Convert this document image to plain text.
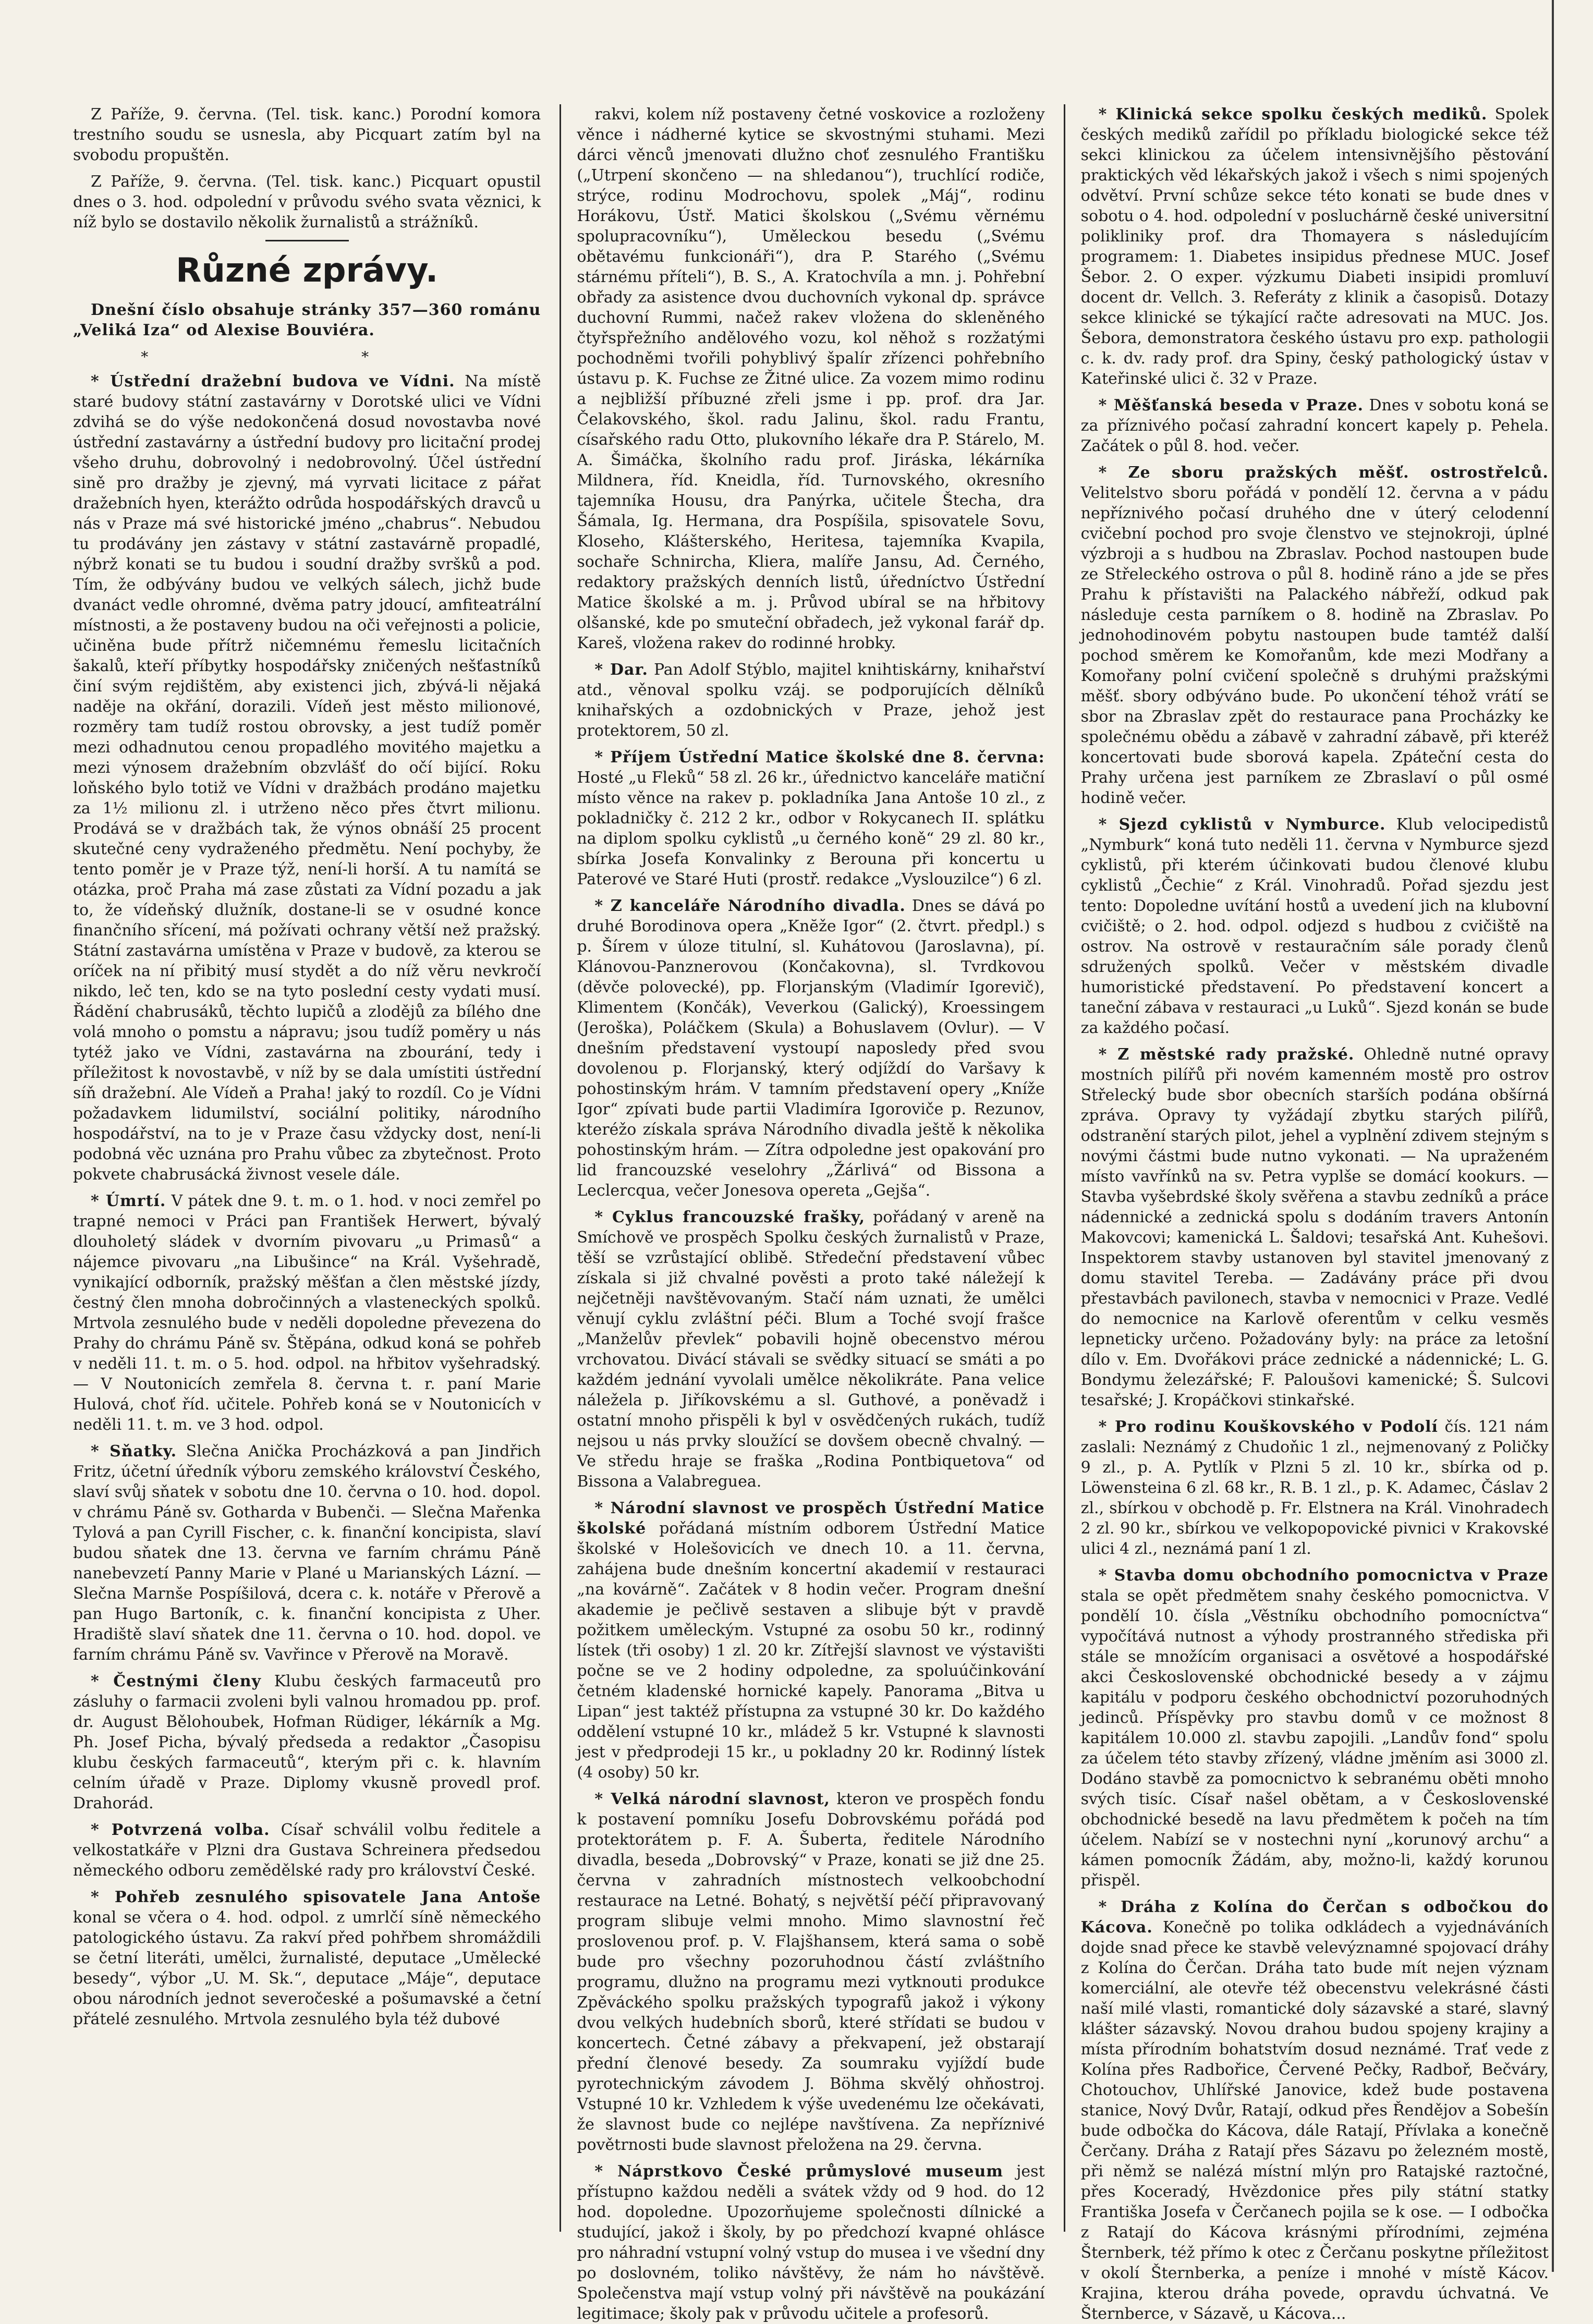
Z Paříže, 9. června. (Tel. tisk. kanc.) Porodní komora trestního soudu se usnesla, aby Picquart zatím byl na svobodu propuštěn.

Z Paříže, 9. června. (Tel. tisk. kanc.) Picquart opustil dnes o 3. hod. odpolední v průvodu svého svata věznici, k níž bylo se dostavilo několik žurnalistů a strážníků.

Různé zprávy.

Dnešní číslo obsahuje stránky 357—360 románu „Veliká Iza“ od Alexise Bouviéra.

* *

* Ústřední dražební budova ve Vídni. Na místě staré budovy státní zastavárny v Dorotské ulici ve Vídni zdvihá se do výše nedokončená dosud novostavba nové ústřední zastavárny a ústřední budovy pro licitační prodej všeho druhu, dobrovolný i nedobrovolný. Účel ústřední sině pro dražby je zjevný, má vyrvati licitace z pářat dražebních hyen, kterážto odrůda hospodářských dravců u nás v Praze má své historické jméno „chabrus“. Nebudou tu prodávány jen zástavy v státní zastavárně propadlé, nýbrž konati se tu budou i soudní dražby svršků a pod. Tím, že odbývány budou ve velkých sálech, jichž bude dvanáct vedle ohromné, dvěma patry jdoucí, amfiteatrální místnosti, a že postaveny budou na oči veřejnosti a policie, učiněna bude přítrž ničemnému řemeslu licitačních šakalů, kteří příbytky hospodářsky zničených nešťastníků činí svým rejdištěm, aby existenci jich, zbývá-li nějaká naděje na okřání, dorazili. Vídeň jest město milionové, rozměry tam tudíž rostou obrovsky, a jest tudíž poměr mezi odhadnutou cenou propadlého movitého majetku a mezi výnosem dražebním obzvlášť do očí bijící. Roku loňského bylo totiž ve Vídni v dražbách prodáno majetku za 1½ milionu zl. i utrženo něco přes čtvrt milionu. Prodává se v dražbách tak, že výnos obnáší 25 procent skutečné ceny vydraženého předmětu. Není pochyby, že tento poměr je v Praze týž, není-li horší. A tu namítá se otázka, proč Praha má zase zůstati za Vídní pozadu a jak to, že vídeňský dlužník, dostane-li se v osudné konce finančního sřícení, má požívati ochrany větší než pražský. Státní zastavárna umístěna v Praze v budově, za kterou se oríček na ní přibitý musí stydět a do níž věru nevkročí nikdo, leč ten, kdo se na tyto poslední cesty vydati musí. Řádění chabrusáků, těchto lupičů a zlodějů za bílého dne volá mnoho o pomstu a nápravu; jsou tudíž poměry u nás tytéž jako ve Vídni, zastavárna na zbourání, tedy i příležitost k novostavbě, v níž by se dala umístiti ústřední síň dražební. Ale Vídeň a Praha! jaký to rozdíl. Co je Vídni požadavkem lidumilství, sociální politiky, národního hospodářství, na to je v Praze času vždycky dost, není-li podobná věc uznána pro Prahu vůbec za zbytečnost. Proto pokvete chabrusácká živnost vesele dále.

* Úmrtí. V pátek dne 9. t. m. o 1. hod. v noci zemřel po trapné nemoci v Práci pan František Herwert, bývalý dlouholetý sládek v dvorním pivovaru „u Primasů“ a nájemce pivovaru „na Libušince“ na Král. Vyšehradě, vynikající odborník, pražský měšťan a člen městské jízdy, čestný člen mnoha dobročinných a vlasteneckých spolků. Mrtvola zesnulého bude v neděli dopoledne převezena do Prahy do chrámu Páně sv. Štěpána, odkud koná se pohřeb v neděli 11. t. m. o 5. hod. odpol. na hřbitov vyšehradský. — V Noutonicích zemřela 8. června t. r. paní Marie Hulová, choť říd. učitele. Pohřeb koná se v Noutonicích v neděli 11. t. m. ve 3 hod. odpol.

* Sňatky. Slečna Anička Procházková a pan Jindřich Fritz, účetní úředník výboru zemského království Českého, slaví svůj sňatek v sobotu dne 10. června o 10. hod. dopol. v chrámu Páně sv. Gotharda v Bubenči. — Slečna Mařenka Tylová a pan Cyrill Fischer, c. k. finanční koncipista, slaví budou sňatek dne 13. června ve farním chrámu Páně nanebevzetí Panny Marie v Plané u Marianských Lázní. — Slečna Marnše Pospíšilová, dcera c. k. notáře v Přerově a pan Hugo Bartoník, c. k. finanční koncipista z Uher. Hradiště slaví sňatek dne 11. června o 10. hod. dopol. ve farním chrámu Páně sv. Vavřince v Přerově na Moravě.

* Čestnými členy Klubu českých farmaceutů pro zásluhy o farmacii zvoleni byli valnou hromadou pp. prof. dr. August Bělohoubek, Hofman Rüdiger, lékárník a Mg. Ph. Josef Picha, bývalý předseda a redaktor „Časopisu klubu českých farmaceutů“, kterým při c. k. hlavním celním úřadě v Praze. Diplomy vkusně provedl prof. Drahorád.

* Potvrzená volba. Císař schválil volbu ředitele a velkostatkáře v Plzni dra Gustava Schreinera předsedou německého odboru zemědělské rady pro království České.

* Pohřeb zesnulého spisovatele Jana Antoše konal se včera o 4. hod. odpol. z umrlčí síně německého patologického ústavu. Za rakví před pohřbem shromáždili se četní literáti, umělci, žurnalisté, deputace „Umělecké besedy“, výbor „U. M. Sk.“, deputace „Máje“, deputace obou národních jednot severočeské a pošumavské a četní přátelé zesnulého. Mrtvola zesnulého byla též dubové

rakvi, kolem níž postaveny četné voskovice a rozloženy věnce i nádherné kytice se skvostnými stuhami. Mezi dárci věnců jmenovati dlužno choť zesnulého Františku („Utrpení skončeno — na shledanou“), truchlící rodiče, strýce, rodinu Modrochovu, spolek „Máj“, rodinu Horákovu, Ústř. Matici školskou („Svému věrnému spolupracovníku“), Uměleckou besedu („Svému obětavému funkcionáři“), dra P. Starého („Svému stárnému příteli“), B. S., A. Kratochvíla a mn. j. Pohřební obřady za asistence dvou duchovních vykonal dp. správce duchovní Rummi, načež rakev vložena do skleněného čtyřspřežního andělového vozu, kol něhož s rozžatými pochodněmi tvořili pohyblivý špalír zřízenci pohřebního ústavu p. K. Fuchse ze Žitné ulice. Za vozem mimo rodinu a nejbližší příbuzné zřeli jsme i pp. prof. dra Jar. Čelakovského, škol. radu Jalinu, škol. radu Frantu, císařského radu Otto, plukovního lékaře dra P. Stárelo, M. A. Šimáčka, školního radu prof. Jiráska, lékárníka Mildnera, říd. Kneidla, říd. Turnovského, okresního tajemníka Housu, dra Panýrka, učitele Štecha, dra Šámala, Ig. Hermana, dra Pospíšila, spisovatele Sovu, Kloseho, Klášterského, Heritesa, tajemníka Kvapila, sochaře Schnircha, Kliera, malíře Jansu, Ad. Černého, redaktory pražských denních listů, úředníctvo Ústřední Matice školské a m. j. Průvod ubíral se na hřbitovy olšanské, kde po smuteční obřadech, jež vykonal farář dp. Kareš, vložena rakev do rodinné hrobky.

* Dar. Pan Adolf Stýblo, majitel knihtiskárny, knihařství atd., věnoval spolku vzáj. se podporujících dělníků knihařských a ozdobnických v Praze, jehož jest protektorem, 50 zl.

* Příjem Ústřední Matice školské dne 8. června: Hosté „u Fleků“ 58 zl. 26 kr., úřednictvo kanceláře matiční místo věnce na rakev p. pokladníka Jana Antoše 10 zl., z pokladničky č. 212 2 kr., odbor v Rokycanech II. splátku na diplom spolku cyklistů „u černého koně“ 29 zl. 80 kr., sbírka Josefa Konvalinky z Berouna při koncertu u Paterové ve Staré Huti (prostř. redakce „Vyslouzilce“) 6 zl.

* Z kanceláře Národního divadla. Dnes se dává po druhé Borodinova opera „Knĕže Igor“ (2. čtvrt. předpl.) s p. Šírem v úloze titulní, sl. Kuhátovou (Jaroslavna), pí. Klánovou-Panznerovou (Končakovna), sl. Tvrdkovou (děvče polovecké), pp. Florjanským (Vladimír Igorevič), Klimentem (Končák), Veverkou (Galický), Kroessingem (Jeroška), Poláčkem (Skula) a Bohuslavem (Ovlur). — V dnešním představení vystoupí naposledy před svou dovolenou p. Florjanský, který odjíždí do Varšavy k pohostinským hrám. V tamním představení opery „Kníže Igor“ zpívati bude partii Vladimíra Igoroviče p. Rezunov, kteréžo získala správa Národního divadla ještě k několika pohostinským hrám. — Zítra odpoledne jest opakování pro lid francouzské veselohry „Žárlivá“ od Bissona a Leclercqua, večer Jonesova opereta „Gejša“.

* Cyklus francouzské frašky, pořádaný v areně na Smíchově ve prospěch Spolku českých žurnalistů v Praze, těší se vzrůstající oblibě. Středeční představení vůbec získala si již chvalné pověsti a proto také náležejí k nejčetněji navštěvovaným. Stačí nám uznati, že umělci věnují cyklu zvláštní péči. Blum a Toché svojí frašce „Manželův převlek“ pobavili hojně obecenstvo mérou vrchovatou. Divácí stávali se svědky situací se smáti a po každém jednání vyvolali umělce několikráte. Pana velice náležela p. Jiříkovskému a sl. Guthové, a poněvadž i ostatní mnoho přispěli k byl v osvědčených rukách, tudíž nejsou u nás prvky sloužící se dovšem obecně chvalný. — Ve středu hraje se fraška „Rodina Pontbiquetova“ od Bissona a Valabreguea.

* Národní slavnost ve prospěch Ústřední Matice školské pořádaná místním odborem Ústřední Matice školské v Holešovicích ve dnech 10. a 11. června, zahájena bude dnešním koncertní akademií v restauraci „na kovárně“. Začátek v 8 hodin večer. Program dnešní akademie je pečlivě sestaven a slibuje být v pravdě požitkem uměleckým. Vstupné za osobu 50 kr., rodinný lístek (tři osoby) 1 zl. 20 kr. Zítřejší slavnost ve výstavišti počne se ve 2 hodiny odpoledne, za spoluúčinkování četném kladenské hornické kapely. Panorama „Bitva u Lipan“ jest taktéž přístupna za vstupné 30 kr. Do každého oddělení vstupné 10 kr., mládež 5 kr. Vstupné k slavnosti jest v předprodeji 15 kr., u pokladny 20 kr. Rodinný lístek (4 osoby) 50 kr.

* Velká národní slavnost, kteron ve prospěch fondu k postavení pomníku Josefu Dobrovskému pořádá pod protektorátem p. F. A. Šuberta, ředitele Národního divadla, beseda „Dobrovský“ v Praze, konati se již dne 25. června v zahradních místnostech velkoobchodní restaurace na Letné. Bohatý, s největší péčí připravovaný program slibuje velmi mnoho. Mimo slavnostní řeč proslovenou prof. p. V. Flajšhansem, která sama o sobě bude pro všechny pozoruhodnou částí zvláštního programu, dlužno na programu mezi vytknouti produkce Zpěváckého spolku pražských typografů jakož i výkony dvou velkých hudebních sborů, které střídati se budou v koncertech. Četné zábavy a překvapení, jež obstarají přední členové besedy. Za soumraku vyjíždí bude pyrotechnickým závodem J. Böhma skvělý ohňostroj. Vstupné 10 kr. Vzhledem k výše uvedenému lze očekávati, že slavnost bude co nejlépe navštívena. Za nepříznivé povětrnosti bude slavnost přeložena na 29. června.

* Náprstkovo České průmyslové museum jest přístupno každou neděli a svátek vždy od 9 hod. do 12 hod. dopoledne. Upozorňujeme společnosti dílnické a studující, jakož i školy, by po předchozí kvapné ohlásce pro náhradní vstupní volný vstup do musea i ve všední dny po doslovném, toliko návštěvy, že nám ho návštěvě. Společenstva mají vstup volný při návštěvě na poukázání legitimace; školy pak v průvodu učitele a profesorů.

* Klinická sekce spolku českých mediků. Spolek českých mediků zařídil po příkladu biologické sekce též sekci klinickou za účelem intensivnějšího pěstování praktických věd lékařských jakož i všech s nimi spojených odvětví. První schůze sekce této konati se bude dnes v sobotu o 4. hod. odpolední v posluchárně české universitní polikliniky prof. dra Thomayera s následujícím programem: 1. Diabetes insipidus přednese MUC. Josef Šebor. 2. O exper. výzkumu Diabeti insipidi promluví docent dr. Vellch. 3. Referáty z klinik a časopisů. Dotazy sekce klinické se týkající račte adresovati na MUC. Jos. Šebora, demonstratora českého ústavu pro exp. pathologii c. k. dv. rady prof. dra Spiny, český pathologický ústav v Kateřinské ulici č. 32 v Praze.

* Měšťanská beseda v Praze. Dnes v sobotu koná se za příznivého počasí zahradní koncert kapely p. Pehela. Začátek o půl 8. hod. večer.

* Ze sboru pražských měšť. ostrostřelců. Velitelstvo sboru pořádá v pondělí 12. června a v pádu nepříznivého počasí druhého dne v úterý celodenní cvičební pochod pro svoje členstvo ve stejnokroji, úplné výzbroji a s hudbou na Zbraslav. Pochod nastoupen bude ze Střeleckého ostrova o půl 8. hodině ráno a jde se přes Prahu k přístavišti na Palackého nábřeží, odkud pak následuje cesta parníkem o 8. hodině na Zbraslav. Po jednohodinovém pobytu nastoupen bude tamtéž další pochod směrem ke Komořanům, kde mezi Modřany a Komořany polní cvičení společně s druhými pražskými měšť. sbory odbýváno bude. Po ukončení téhož vrátí se sbor na Zbraslav zpět do restaurace pana Procházky ke společnému obědu a zábavě v zahradní zábavě, při kteréž koncertovati bude sborová kapela. Zpáteční cesta do Prahy určena jest parníkem ze Zbraslaví o půl osmé hodině večer.

* Sjezd cyklistů v Nymburce. Klub velocipedistů „Nymburk“ koná tuto neděli 11. června v Nymburce sjezd cyklistů, při kterém účinkovati budou členové klubu cyklistů „Čechie“ z Král. Vinohradů. Pořad sjezdu jest tento: Dopoledne uvítání hostů a uvedení jich na klubovní cvičiště; o 2. hod. odpol. odjezd s hudbou z cvičiště na ostrov. Na ostrově v restauračním sále porady členů sdružených spolků. Večer v městském divadle humoristické představení. Po představení koncert a taneční zábava v restauraci „u Luků“. Sjezd konán se bude za každého počasí.

* Z městské rady pražské. Ohledně nutné opravy mostních pilířů při novém kamenném mostě pro ostrov Střelecký bude sbor obecních starších podána obšírná zpráva. Opravy ty vyžádají zbytku starých pilířů, odstranění starých pilot, jehel a vyplnění zdivem stejným s novými částmi bude nutno vykonati. — Na upraženém místo vavřínků na sv. Petra vyplše se domácí kookurs. — Stavba vyšebrdské školy svěřena a stavbu zedníků a práce nádennické a zednická spolu s dodáním travers Antonín Makovcovi; kamenická L. Šaldovi; tesařská Ant. Kuhešovi. Inspektorem stavby ustanoven byl stavitel jmenovaný z domu stavitel Tereba. — Zadávány práce při dvou přestavbách pavilonech, stavba v nemocnici v Praze. Vedlé do nemocnice na Karlově oferentům v celku vesměs lepneticky určeno. Požadovány byly: na práce za letošní dílo v. Em. Dvořákovi práce zednické a nádennické; L. G. Bondymu železářské; F. Paloušovi kamenické; Š. Sulcovi tesařské; J. Kropáčkovi stinkařské.

* Pro rodinu Kouškovského v Podolí čís. 121 nám zaslali: Neznámý z Chudoňic 1 zl., nejmenovaný z Poličky 9 zl., p. A. Pytlík v Plzni 5 zl. 10 kr., sbírka od p. Löwensteina 6 zl. 68 kr., R. B. 1 zl., p. K. Adamec, Čáslav 2 zl., sbírkou v obchodě p. Fr. Elstnera na Král. Vinohradech 2 zl. 90 kr., sbírkou ve velkopopovické pivnici v Krakovské ulici 4 zl., neznámá paní 1 zl.

* Stavba domu obchodního pomocnictva v Praze stala se opět předmětem snahy českého pomocnictva. V pondělí 10. čísla „Věstníku obchodního pomocníctva“ vypočítává nutnost a výhody prostranného střediska při stále se množícím organisaci a osvětové a hospodářské akci Československé obchodnické besedy a v zájmu kapitálu v podporu českého obchodnictví pozoruhodných jedinců. Příspěvky pro stavbu domů v ce možnost 8 kapitálem 10.000 zl. stavbu zapojili. „Landův fond“ spolu za účelem této stavby zřízený, vládne jměním asi 3000 zl. Dodáno stavbě za pomocnictvo k sebranému oběti mnoho svých tisíc. Císař našel obětam, a v Československé obchodnické besedě na lavu předmětem k počeh na tím účelem. Nabízí se v nostechni nyní „korunový archu“ a kámen pomocník Žádám, aby, možno-li, každý korunou přispěl.

* Dráha z Kolína do Čerčan s odbočkou do Kácova. Konečně po tolika odkládech a vyjednáváních dojde snad přece ke stavbě velevýznamné spojovací dráhy z Kolína do Čerčan. Dráha tato bude mít nejen význam komerciální, ale otevře též obecenstvu velekrásné části naší milé vlasti, romantické doly sázavské a staré, slavný klášter sázavský. Novou drahou budou spojeny krajiny a místa přírodním bohatstvím dosud neznámé. Trať vede z Kolína přes Radbořice, Červené Pečky, Radboř, Bečváry, Chotouchov, Uhlířské Janovice, kdež bude postavena stanice, Nový Dvůr, Ratají, odkud přes Řendějov a Sobešín bude odbočka do Kácova, dále Ratají, Přívlaka a konečně Čerčany. Dráha z Ratají přes Sázavu po železném mostě, při němž se nalézá místní mlýn pro Ratajské raztočné, přes Koceradý, Hvězdonice přes pily státní statky Františka Josefa v Čerčanech pojila se k ose. — I odbočka z Ratají do Kácova krásnými přírodními, zejména Šternberk, též přímo k otec z Čerčanu poskytne příležitost v okolí Šternberka, a peníze i mnohé v místě Kácov. Krajina, kterou dráha povede, opravdu úchvatná. Ve Šternberce, v Sázavě, u Kácova...
